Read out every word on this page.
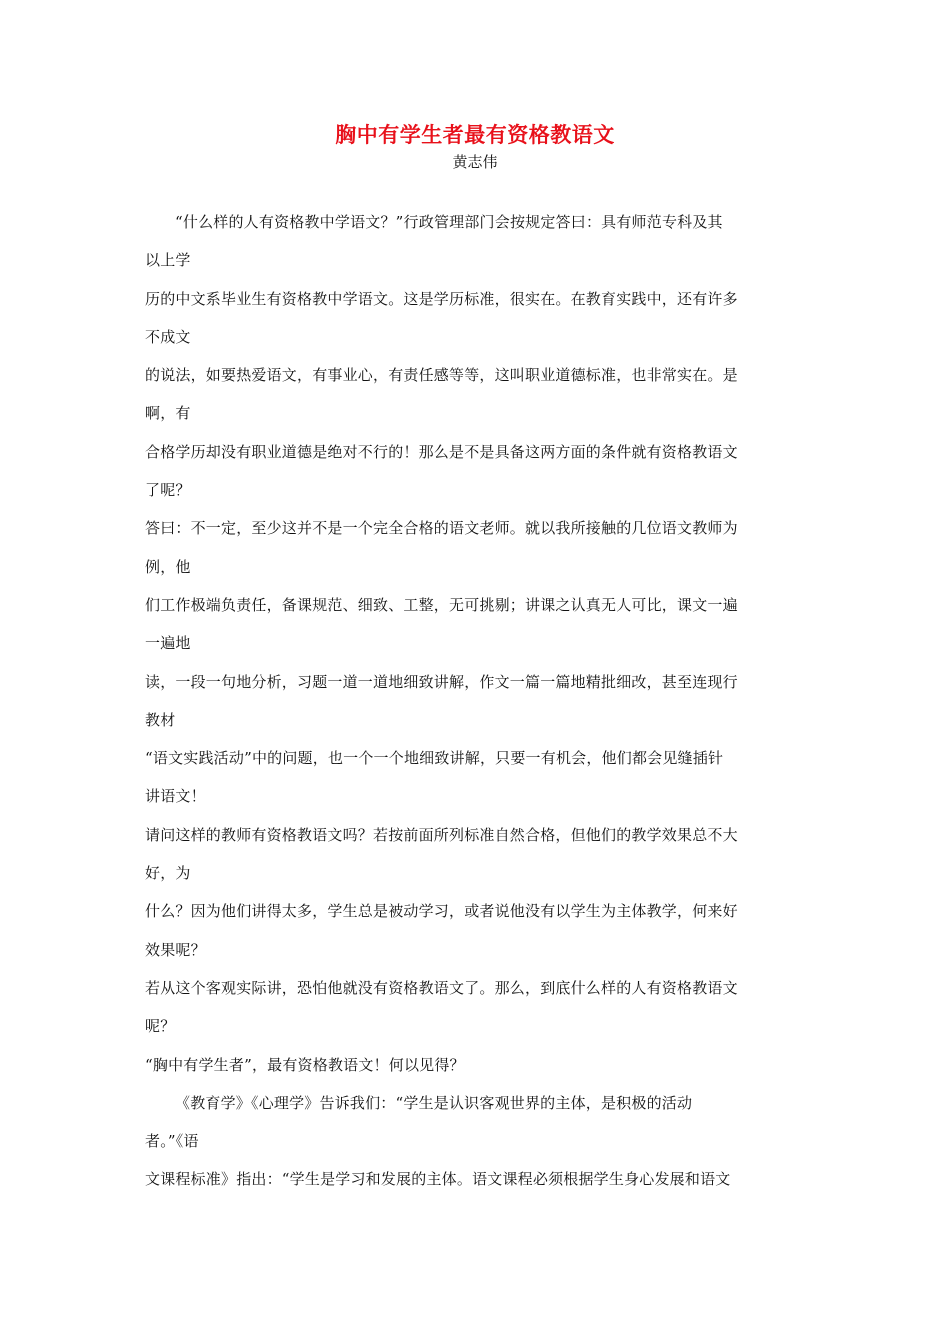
胸中有学生者最有资格教语文
黄志伟
“什么样的人有资格教中学语文？”行政管理部门会按规定答曰：具有师范专科及其
以上学
历的中文系毕业生有资格教中学语文。这是学历标准，很实在。在教育实践中，还有许多
不成文
的说法，如要热爱语文，有事业心，有责任感等等，这叫职业道德标准，也非常实在。是
啊，有
合格学历却没有职业道德是绝对不行的！那么是不是具备这两方面的条件就有资格教语文
了呢？
答曰：不一定，至少这并不是一个完全合格的语文老师。就以我所接触的几位语文教师为
例，他
们工作极端负责任，备课规范、细致、工整，无可挑剔；讲课之认真无人可比，课文一遍
一遍地
读，一段一句地分析，习题一道一道地细致讲解，作文一篇一篇地精批细改，甚至连现行
教材
“语文实践活动”中的问题，也一个一个地细致讲解，只要一有机会，他们都会见缝插针
讲语文！
请问这样的教师有资格教语文吗？若按前面所列标准自然合格，但他们的教学效果总不大
好，为
什么？因为他们讲得太多，学生总是被动学习，或者说他没有以学生为主体教学，何来好
效果呢？
若从这个客观实际讲，恐怕他就没有资格教语文了。那么，到底什么样的人有资格教语文
呢？
“胸中有学生者”，最有资格教语文！何以见得？
《教育学》《心理学》告诉我们：“学生是认识客观世界的主体，是积极的活动
者。”《语
文课程标准》指出：“学生是学习和发展的主体。语文课程必须根据学生身心发展和语文
